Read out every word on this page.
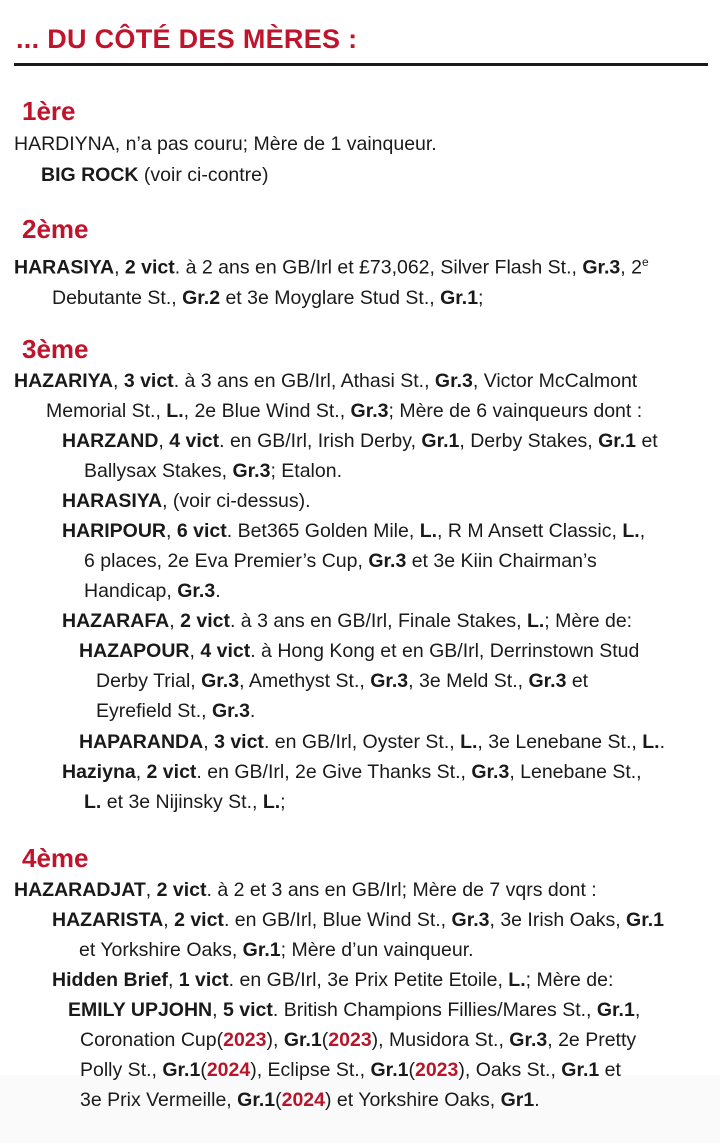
... DU CÔTÉ DES MÈRES :
1ère

HARDIYNA, n’a pas couru; Mère de 1 vainqueur.

BIG ROCK (voir ci-contre)

2ème

HARASIYA, 2 vict. à 2 ans en GB/Irl et £73,062, Silver Flash St., Gr.3, 2e
Debutante St., Gr.2 et 3e Moyglare Stud St., Gr.1;

3ème

HAZARIYA, 3 vict. à 3 ans en GB/Irl, Athasi St., Gr.3, Victor McCalmont
Memorial St., L., 2e Blue Wind St., Gr.3; Mère de 6 vainqueurs dont :

HARZAND, 4 vict. en GB/Irl, Irish Derby, Gr.1, Derby Stakes, Gr.1 et
Ballysax Stakes, Gr.3; Etalon.

HARASIYA, (voir ci-dessus).

HARIPOUR, 6 vict. Bet365 Golden Mile, L., R M Ansett Classic, L.,
6 places, 2e Eva Premier’s Cup, Gr.3 et 3e Kiin Chairman’s
Handicap, Gr.3.

HAZARAFA, 2 vict. à 3 ans en GB/Irl, Finale Stakes, L.; Mère de:

HAZAPOUR, 4 vict. à Hong Kong et en GB/Irl, Derrinstown Stud
Derby Trial, Gr.3, Amethyst St., Gr.3, 3e Meld St., Gr.3 et
Eyrefield St., Gr.3.

HAPARANDA, 3 vict. en GB/Irl, Oyster St., L., 3e Lenebane St., L..

Haziyna, 2 vict. en GB/Irl, 2e Give Thanks St., Gr.3, Lenebane St.,
L. et 3e Nijinsky St., L.;

4ème

HAZARADJAT, 2 vict. à 2 et 3 ans en GB/Irl; Mère de 7 vqrs dont :

HAZARISTA, 2 vict. en GB/Irl, Blue Wind St., Gr.3, 3e Irish Oaks, Gr.1
et Yorkshire Oaks, Gr.1; Mère d’un vainqueur.

Hidden Brief, 1 vict. en GB/Irl, 3e Prix Petite Etoile, L.; Mère de:

EMILY UPJOHN, 5 vict. British Champions Fillies/Mares St., Gr.1,
Coronation Cup(2023), Gr.1(2023), Musidora St., Gr.3, 2e Pretty
Polly St., Gr.1(2024), Eclipse St., Gr.1(2023), Oaks St., Gr.1 et
3e Prix Vermeille, Gr.1(2024) et Yorkshire Oaks, Gr1.
